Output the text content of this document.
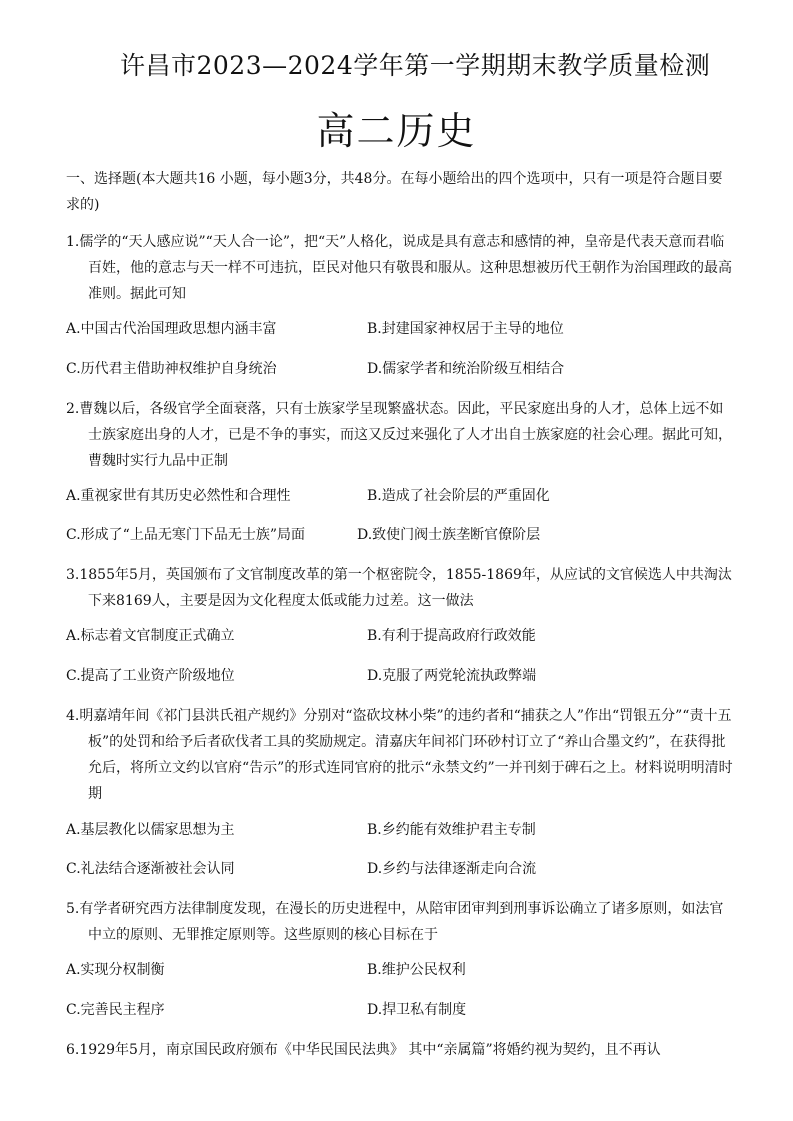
许昌市2023—2024学年第一学期期末教学质量检测
高二历史
一、选择题(本大题共16 小题，每小题3分，共48分。在每小题给出的四个选项中，只有一项是符合题目要求的)
1.儒学的“天人感应说”“天人合一论”，把“天”人格化，说成是具有意志和感情的神，皇帝是代表天意而君临百姓，他的意志与天一样不可违抗，臣民对他只有敬畏和服从。这种思想被历代王朝作为治国理政的最高准则。据此可知
A.中国古代治国理政思想内涵丰富	B.封建国家神权居于主导的地位
C.历代君主借助神权维护自身统治	D.儒家学者和统治阶级互相结合
2.曹魏以后，各级官学全面衰落，只有士族家学呈现繁盛状态。因此，平民家庭出身的人才，总体上远不如士族家庭出身的人才，已是不争的事实，而这又反过来强化了人才出自士族家庭的社会心理。据此可知，曹魏时实行九品中正制
A.重视家世有其历史必然性和合理性	B.造成了社会阶层的严重固化
C.形成了“上品无寒门下品无士族”局面	D.致使门阀士族垄断官僚阶层
3.1855年5月，英国颁布了文官制度改革的第一个枢密院令，1855-1869年，从应试的文官候选人中共淘汰下来8169人，主要是因为文化程度太低或能力过差。这一做法
A.标志着文官制度正式确立	B.有利于提高政府行政效能
C.提高了工业资产阶级地位	D.克服了两党轮流执政弊端
4.明嘉靖年间《祁门县洪氏祖产规约》分别对“盗砍坟林小柴”的违约者和“捕获之人”作出“罚银五分”“责十五板”的处罚和给予后者砍伐者工具的奖励规定。清嘉庆年间祁门环砂村订立了“养山合墨文约”，在获得批允后，将所立文约以官府“告示”的形式连同官府的批示“永禁文约”一并刊刻于碑石之上。材料说明明清时期
A.基层教化以儒家思想为主	B.乡约能有效维护君主专制
C.礼法结合逐渐被社会认同	D.乡约与法律逐渐走向合流
5.有学者研究西方法律制度发现，在漫长的历史进程中，从陪审团审判到刑事诉讼确立了诸多原则，如法官中立的原则、无罪推定原则等。这些原则的核心目标在于
A.实现分权制衡	B.维护公民权利
C.完善民主程序	D.捍卫私有制度
6.1929年5月，南京国民政府颁布《中华民国民法典》 其中“亲属篇”将婚约视为契约，且不再认
